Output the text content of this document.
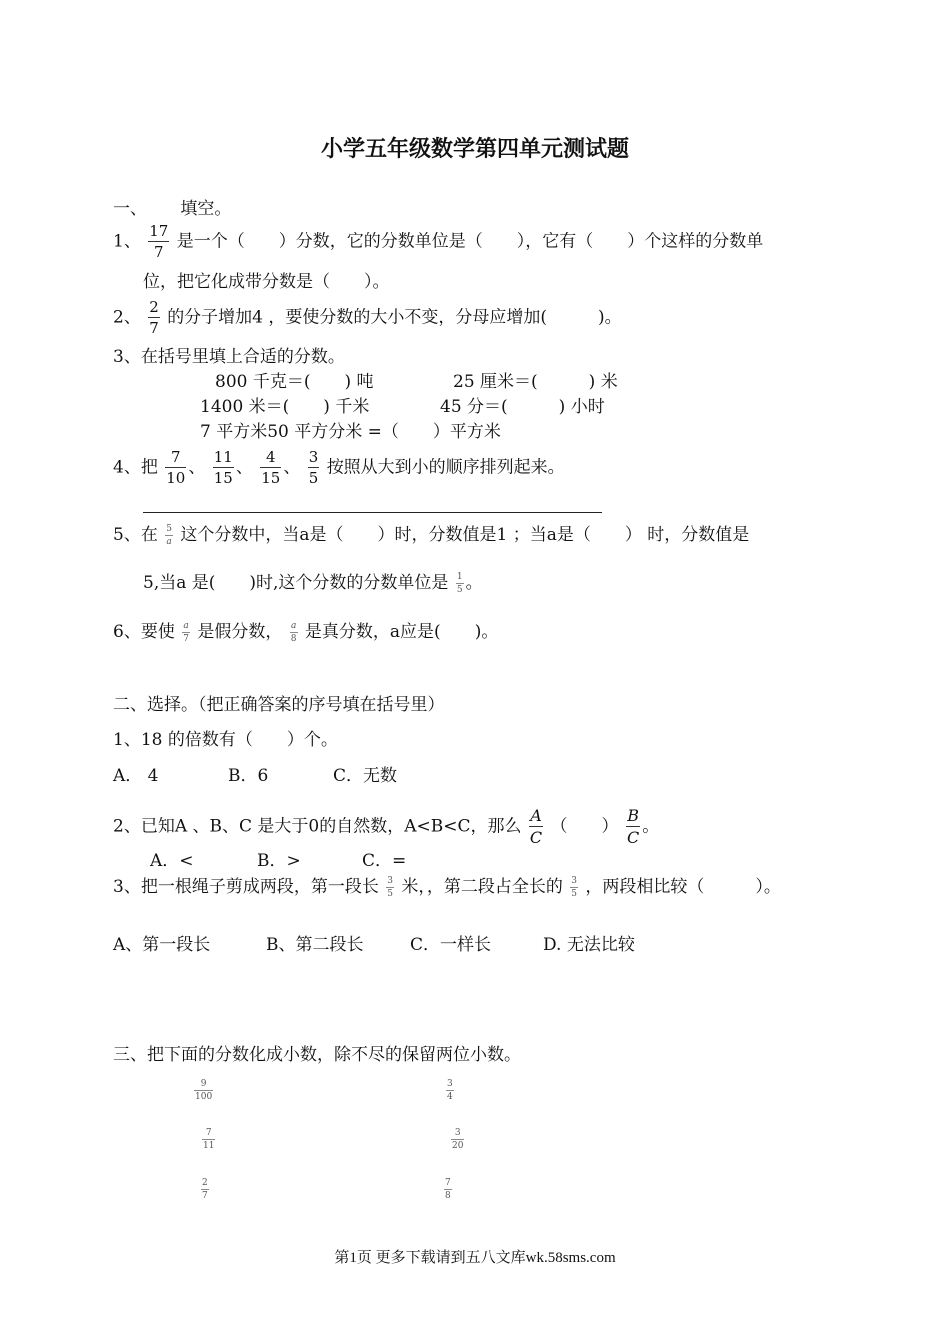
小学五年级数学第四单元测试题
一、 填空。
1、 $\frac{17}{7}$ 是一个（　　）分数，它的分数单位是（　　），它有（　　）个这样的分数单
位，把它化成带分数是（　　）。
2、 $\frac{2}{7}$ 的分子增加4 ，要使分数的大小不变，分母应增加(　　　)。
3、在括号里填上合适的分数。
800 千克＝(　　) 吨	25 厘米＝(　　　) 米
1400 米＝(　　) 千米	45 分＝(　　　) 小时
7 平方米50 平方分米 =（　　）平方米
4、把 $\frac{7}{10}$ 、 $\frac{11}{15}$ 、 $\frac{4}{15}$ 、 $\frac{3}{5}$ 按照从大到小的顺序排列起来。
5、在 $\frac{5}{a}$ 这个分数中，当a是（　　）时，分数值是1 ；当a是（　　） 时，分数值是
5,当a 是(　　)时,这个分数的分数单位是 $\frac{1}{5}$ 。
6、要使 $\frac{a}{7}$ 是假分数， $\frac{a}{8}$ 是真分数，a应是(　　)。
二、选择。（把正确答案的序号填在括号里）
1、18 的倍数有（　　）个。
A． 4	B．6	C．无数
2、已知A 、B、C 是大于0的自然数，A<B<C，那么 $\frac{A}{C}$ （　　） $\frac{B}{C}$ 。
A．<	B．>	C．=
3、把一根绳子剪成两段，第一段长 $\frac{3}{5}$ 米，，第二段占全长的 $\frac{3}{5}$ ，两段相比较（　　　）。
A、第一段长	B、第二段长	C．一样长	D. 无法比较
三、把下面的分数化成小数，除不尽的保留两位小数。
$\frac{9}{100}$	$\frac{3}{4}$
$\frac{7}{11}$	$\frac{3}{20}$
$\frac{2}{7}$	$\frac{7}{8}$
第1页 更多下载请到五八文库wk.58sms.com
